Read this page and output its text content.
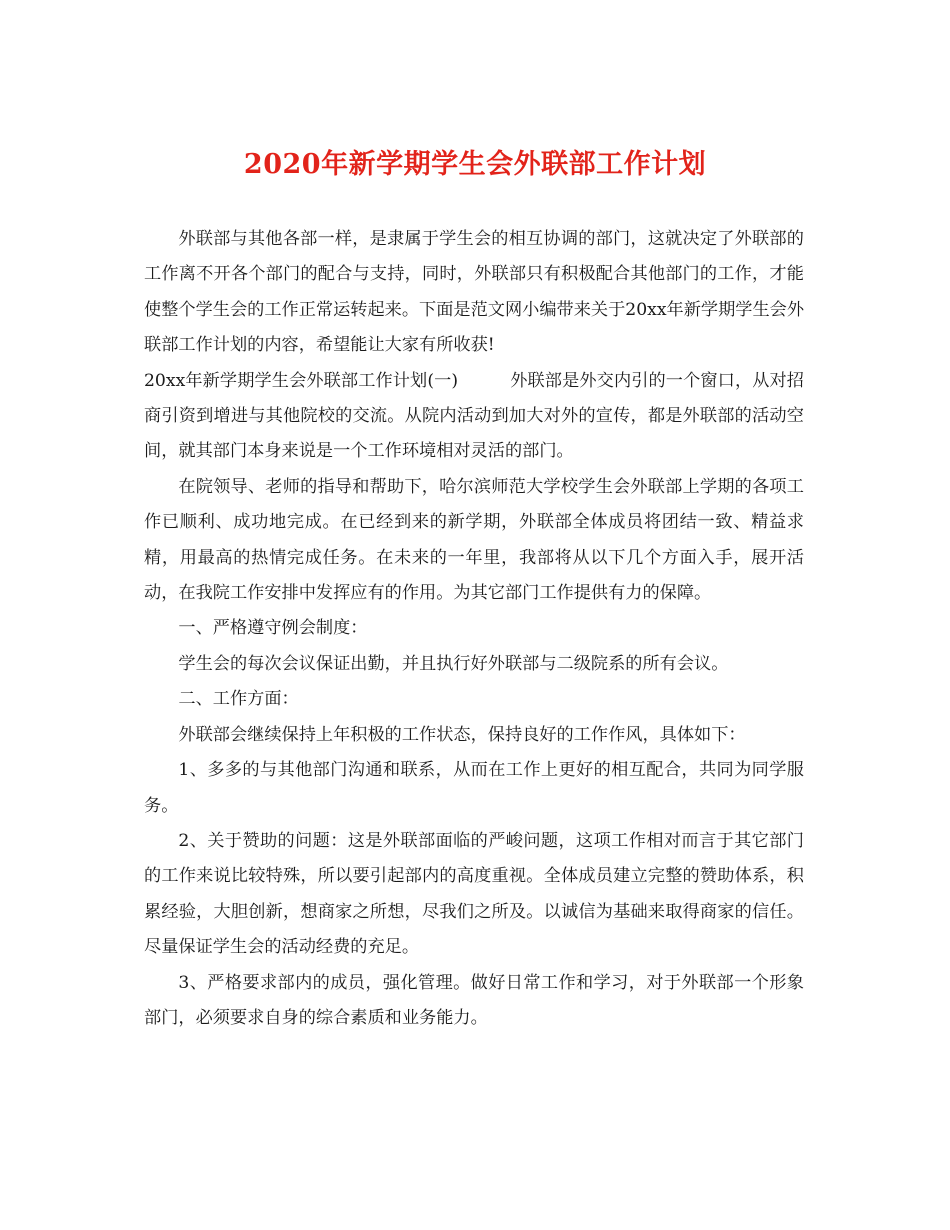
2020年新学期学生会外联部工作计划

外联部与其他各部一样，是隶属于学生会的相互协调的部门，这就决定了外联部的工作离不开各个部门的配合与支持，同时，外联部只有积极配合其他部门的工作，才能使整个学生会的工作正常运转起来。下面是范文网小编带来关于20xx年新学期学生会外联部工作计划的内容，希望能让大家有所收获!

20xx年新学期学生会外联部工作计划(一)	外联部是外交内引的一个窗口，从对招商引资到增进与其他院校的交流。从院内活动到加大对外的宣传，都是外联部的活动空间，就其部门本身来说是一个工作环境相对灵活的部门。

在院领导、老师的指导和帮助下，哈尔滨师范大学校学生会外联部上学期的各项工作已顺利、成功地完成。在已经到来的新学期，外联部全体成员将团结一致、精益求精，用最高的热情完成任务。在未来的一年里，我部将从以下几个方面入手，展开活动，在我院工作安排中发挥应有的作用。为其它部门工作提供有力的保障。

一、严格遵守例会制度：

学生会的每次会议保证出勤，并且执行好外联部与二级院系的所有会议。

二、工作方面：

外联部会继续保持上年积极的工作状态，保持良好的工作作风，具体如下：

1、多多的与其他部门沟通和联系，从而在工作上更好的相互配合，共同为同学服务。

2、关于赞助的问题：这是外联部面临的严峻问题，这项工作相对而言于其它部门的工作来说比较特殊，所以要引起部内的高度重视。全体成员建立完整的赞助体系，积累经验，大胆创新，想商家之所想，尽我们之所及。以诚信为基础来取得商家的信任。尽量保证学生会的活动经费的充足。

3、严格要求部内的成员，强化管理。做好日常工作和学习，对于外联部一个形象部门，必须要求自身的综合素质和业务能力。
